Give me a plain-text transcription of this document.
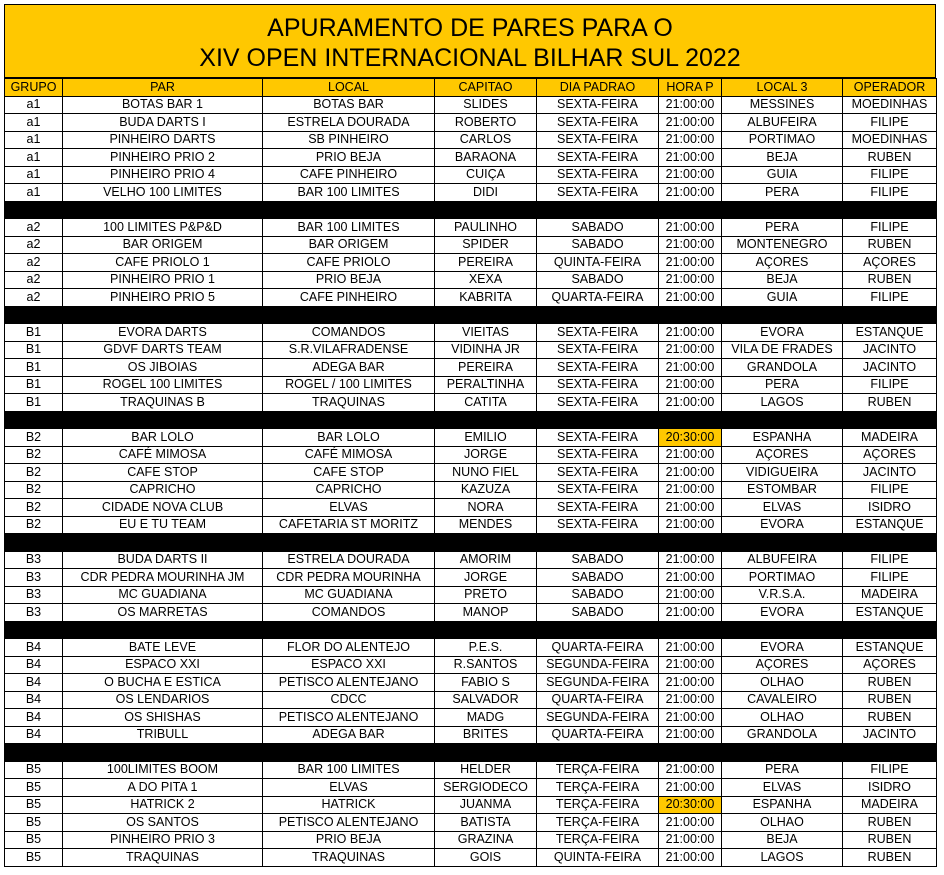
APURAMENTO DE PARES PARA O
XIV OPEN INTERNACIONAL BILHAR SUL 2022
GRUPO	PAR	LOCAL	CAPITAO	DIA PADRAO	HORA P	LOCAL 3	OPERADOR
a1	BOTAS BAR 1	BOTAS BAR	SLIDES	SEXTA-FEIRA	21:00:00	MESSINES	MOEDINHAS
a1	BUDA DARTS I	ESTRELA DOURADA	ROBERTO	SEXTA-FEIRA	21:00:00	ALBUFEIRA	FILIPE
a1	PINHEIRO DARTS	SB PINHEIRO	CARLOS	SEXTA-FEIRA	21:00:00	PORTIMAO	MOEDINHAS
a1	PINHEIRO PRIO 2	PRIO BEJA	BARAONA	SEXTA-FEIRA	21:00:00	BEJA	RUBEN
a1	PINHEIRO PRIO 4	CAFE PINHEIRO	CUIÇA	SEXTA-FEIRA	21:00:00	GUIA	FILIPE
a1	VELHO 100 LIMITES	BAR 100 LIMITES	DIDI	SEXTA-FEIRA	21:00:00	PERA	FILIPE

a2	100 LIMITES P&P&D	BAR 100 LIMITES	PAULINHO	SABADO	21:00:00	PERA	FILIPE
a2	BAR ORIGEM	BAR ORIGEM	SPIDER	SABADO	21:00:00	MONTENEGRO	RUBEN
a2	CAFE PRIOLO 1	CAFE PRIOLO	PEREIRA	QUINTA-FEIRA	21:00:00	AÇORES	AÇORES
a2	PINHEIRO PRIO 1	PRIO BEJA	XEXA	SABADO	21:00:00	BEJA	RUBEN
a2	PINHEIRO PRIO 5	CAFE PINHEIRO	KABRITA	QUARTA-FEIRA	21:00:00	GUIA	FILIPE

B1	EVORA DARTS	COMANDOS	VIEITAS	SEXTA-FEIRA	21:00:00	EVORA	ESTANQUE
B1	GDVF DARTS TEAM	S.R.VILAFRADENSE	VIDINHA JR	SEXTA-FEIRA	21:00:00	VILA DE FRADES	JACINTO
B1	OS JIBOIAS	ADEGA BAR	PEREIRA	SEXTA-FEIRA	21:00:00	GRANDOLA	JACINTO
B1	ROGEL 100 LIMITES	ROGEL / 100 LIMITES	PERALTINHA	SEXTA-FEIRA	21:00:00	PERA	FILIPE
B1	TRAQUINAS B	TRAQUINAS	CATITA	SEXTA-FEIRA	21:00:00	LAGOS	RUBEN

B2	BAR LOLO	BAR LOLO	EMILIO	SEXTA-FEIRA	20:30:00	ESPANHA	MADEIRA
B2	CAFÉ MIMOSA	CAFÉ MIMOSA	JORGE	SEXTA-FEIRA	21:00:00	AÇORES	AÇORES
B2	CAFE STOP	CAFE STOP	NUNO FIEL	SEXTA-FEIRA	21:00:00	VIDIGUEIRA	JACINTO
B2	CAPRICHO	CAPRICHO	KAZUZA	SEXTA-FEIRA	21:00:00	ESTOMBAR	FILIPE
B2	CIDADE NOVA CLUB	ELVAS	NORA	SEXTA-FEIRA	21:00:00	ELVAS	ISIDRO
B2	EU E TU TEAM	CAFETARIA ST MORITZ	MENDES	SEXTA-FEIRA	21:00:00	EVORA	ESTANQUE

B3	BUDA DARTS II	ESTRELA DOURADA	AMORIM	SABADO	21:00:00	ALBUFEIRA	FILIPE
B3	CDR PEDRA MOURINHA JM	CDR PEDRA MOURINHA	JORGE	SABADO	21:00:00	PORTIMAO	FILIPE
B3	MC GUADIANA	MC GUADIANA	PRETO	SABADO	21:00:00	V.R.S.A.	MADEIRA
B3	OS MARRETAS	COMANDOS	MANOP	SABADO	21:00:00	EVORA	ESTANQUE

B4	BATE LEVE	FLOR DO ALENTEJO	P.E.S.	QUARTA-FEIRA	21:00:00	EVORA	ESTANQUE
B4	ESPACO XXI	ESPACO XXI	R.SANTOS	SEGUNDA-FEIRA	21:00:00	AÇORES	AÇORES
B4	O BUCHA E ESTICA	PETISCO ALENTEJANO	FABIO S	SEGUNDA-FEIRA	21:00:00	OLHAO	RUBEN
B4	OS LENDARIOS	CDCC	SALVADOR	QUARTA-FEIRA	21:00:00	CAVALEIRO	RUBEN
B4	OS SHISHAS	PETISCO ALENTEJANO	MADG	SEGUNDA-FEIRA	21:00:00	OLHAO	RUBEN
B4	TRIBULL	ADEGA BAR	BRITES	QUARTA-FEIRA	21:00:00	GRANDOLA	JACINTO

B5	100LIMITES BOOM	BAR 100 LIMITES	HELDER	TERÇA-FEIRA	21:00:00	PERA	FILIPE
B5	A DO PITA 1	ELVAS	SERGIODECO	TERÇA-FEIRA	21:00:00	ELVAS	ISIDRO
B5	HATRICK 2	HATRICK	JUANMA	TERÇA-FEIRA	20:30:00	ESPANHA	MADEIRA
B5	OS SANTOS	PETISCO ALENTEJANO	BATISTA	TERÇA-FEIRA	21:00:00	OLHAO	RUBEN
B5	PINHEIRO PRIO 3	PRIO BEJA	GRAZINA	TERÇA-FEIRA	21:00:00	BEJA	RUBEN
B5	TRAQUINAS	TRAQUINAS	GOIS	QUINTA-FEIRA	21:00:00	LAGOS	RUBEN
